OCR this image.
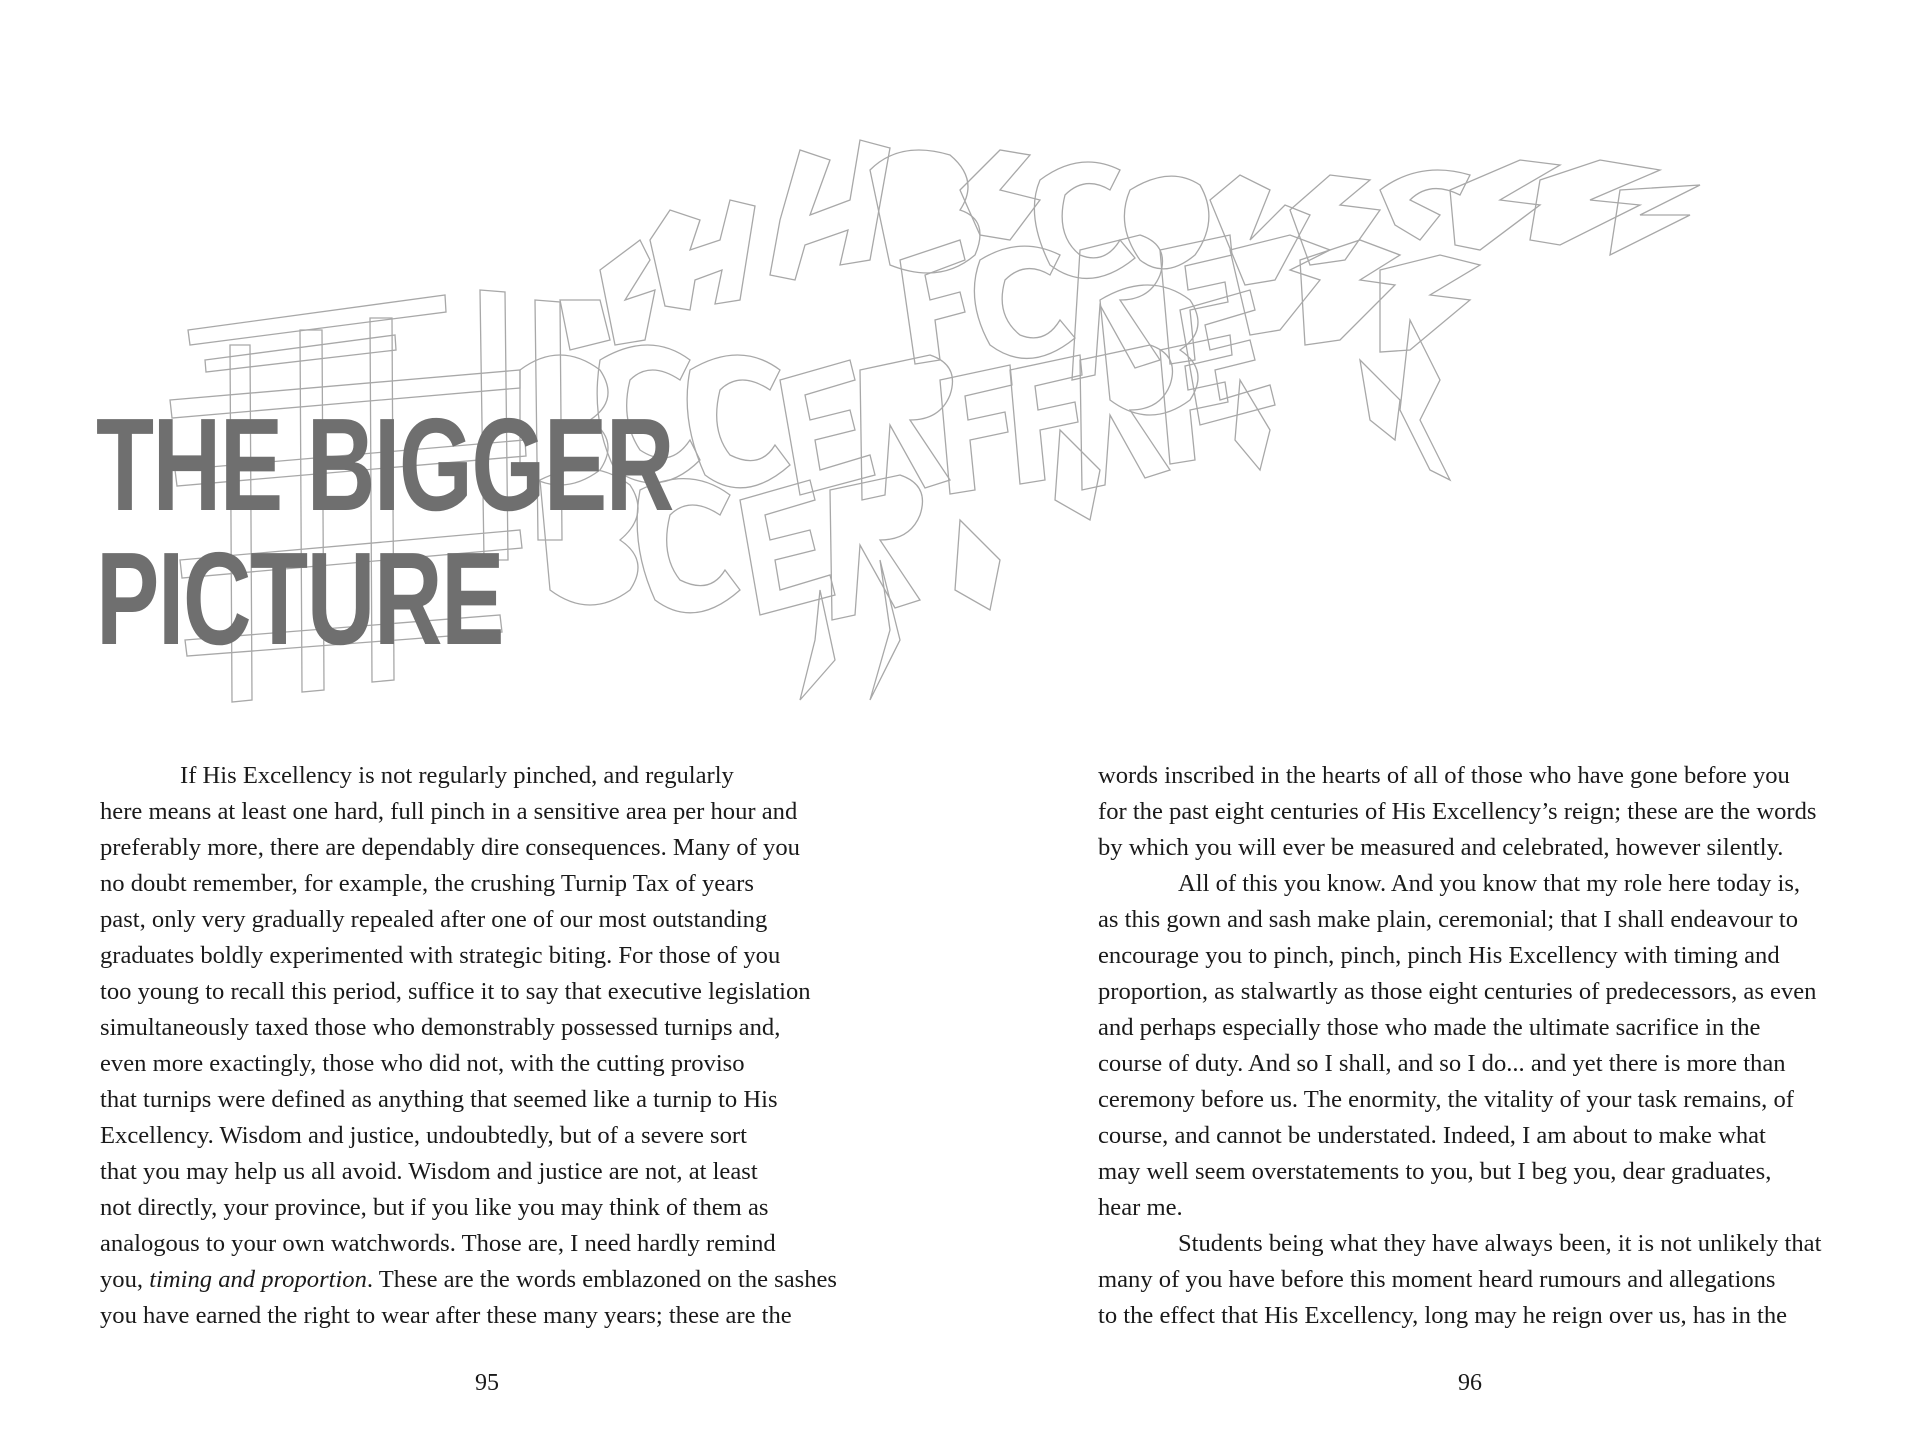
THE BIGGER
PICTURE

If His Excellency is not regularly pinched, and regularly

here means at least one hard, full pinch in a sensitive area per hour and
preferably more, there are dependably dire consequences. Many of you
no doubt remember, for example, the crushing Turnip Tax of years
past, only very gradually repealed after one of our most outstanding
graduates boldly experimented with strategic biting. For those of you
too young to recall this period, suffice it to say that executive legislation
simultaneously taxed those who demonstrably possessed turnips and,
even more exactingly, those who did not, with the cutting proviso
that turnips were defined as anything that seemed like a turnip to His
Excellency. Wisdom and justice, undoubtedly, but of a severe sort
that you may help us all avoid. Wisdom and justice are not, at least
not directly, your province, but if you like you may think of them as
analogous to your own watchwords. Those are, I need hardly remind
you, timing and proportion. These are the words emblazoned on the sashes
you have earned the right to wear after these many years; these are the
words inscribed in the hearts of all of those who have gone before you
for the past eight centuries of His Excellency’s reign; these are the words
by which you will ever be measured and celebrated, however silently.

All of this you know. And you know that my role here today is,

as this gown and sash make plain, ceremonial; that I shall endeavour to
encourage you to pinch, pinch, pinch His Excellency with timing and
proportion, as stalwartly as those eight centuries of predecessors, as even
and perhaps especially those who made the ultimate sacrifice in the
course of duty. And so I shall, and so I do... and yet there is more than
ceremony before us. The enormity, the vitality of your task remains, of
course, and cannot be understated. Indeed, I am about to make what
may well seem overstatements to you, but I beg you, dear graduates,
hear me.

Students being what they have always been, it is not unlikely that

many of you have before this moment heard rumours and allegations
to the effect that His Excellency, long may he reign over us, has in the
95	96
